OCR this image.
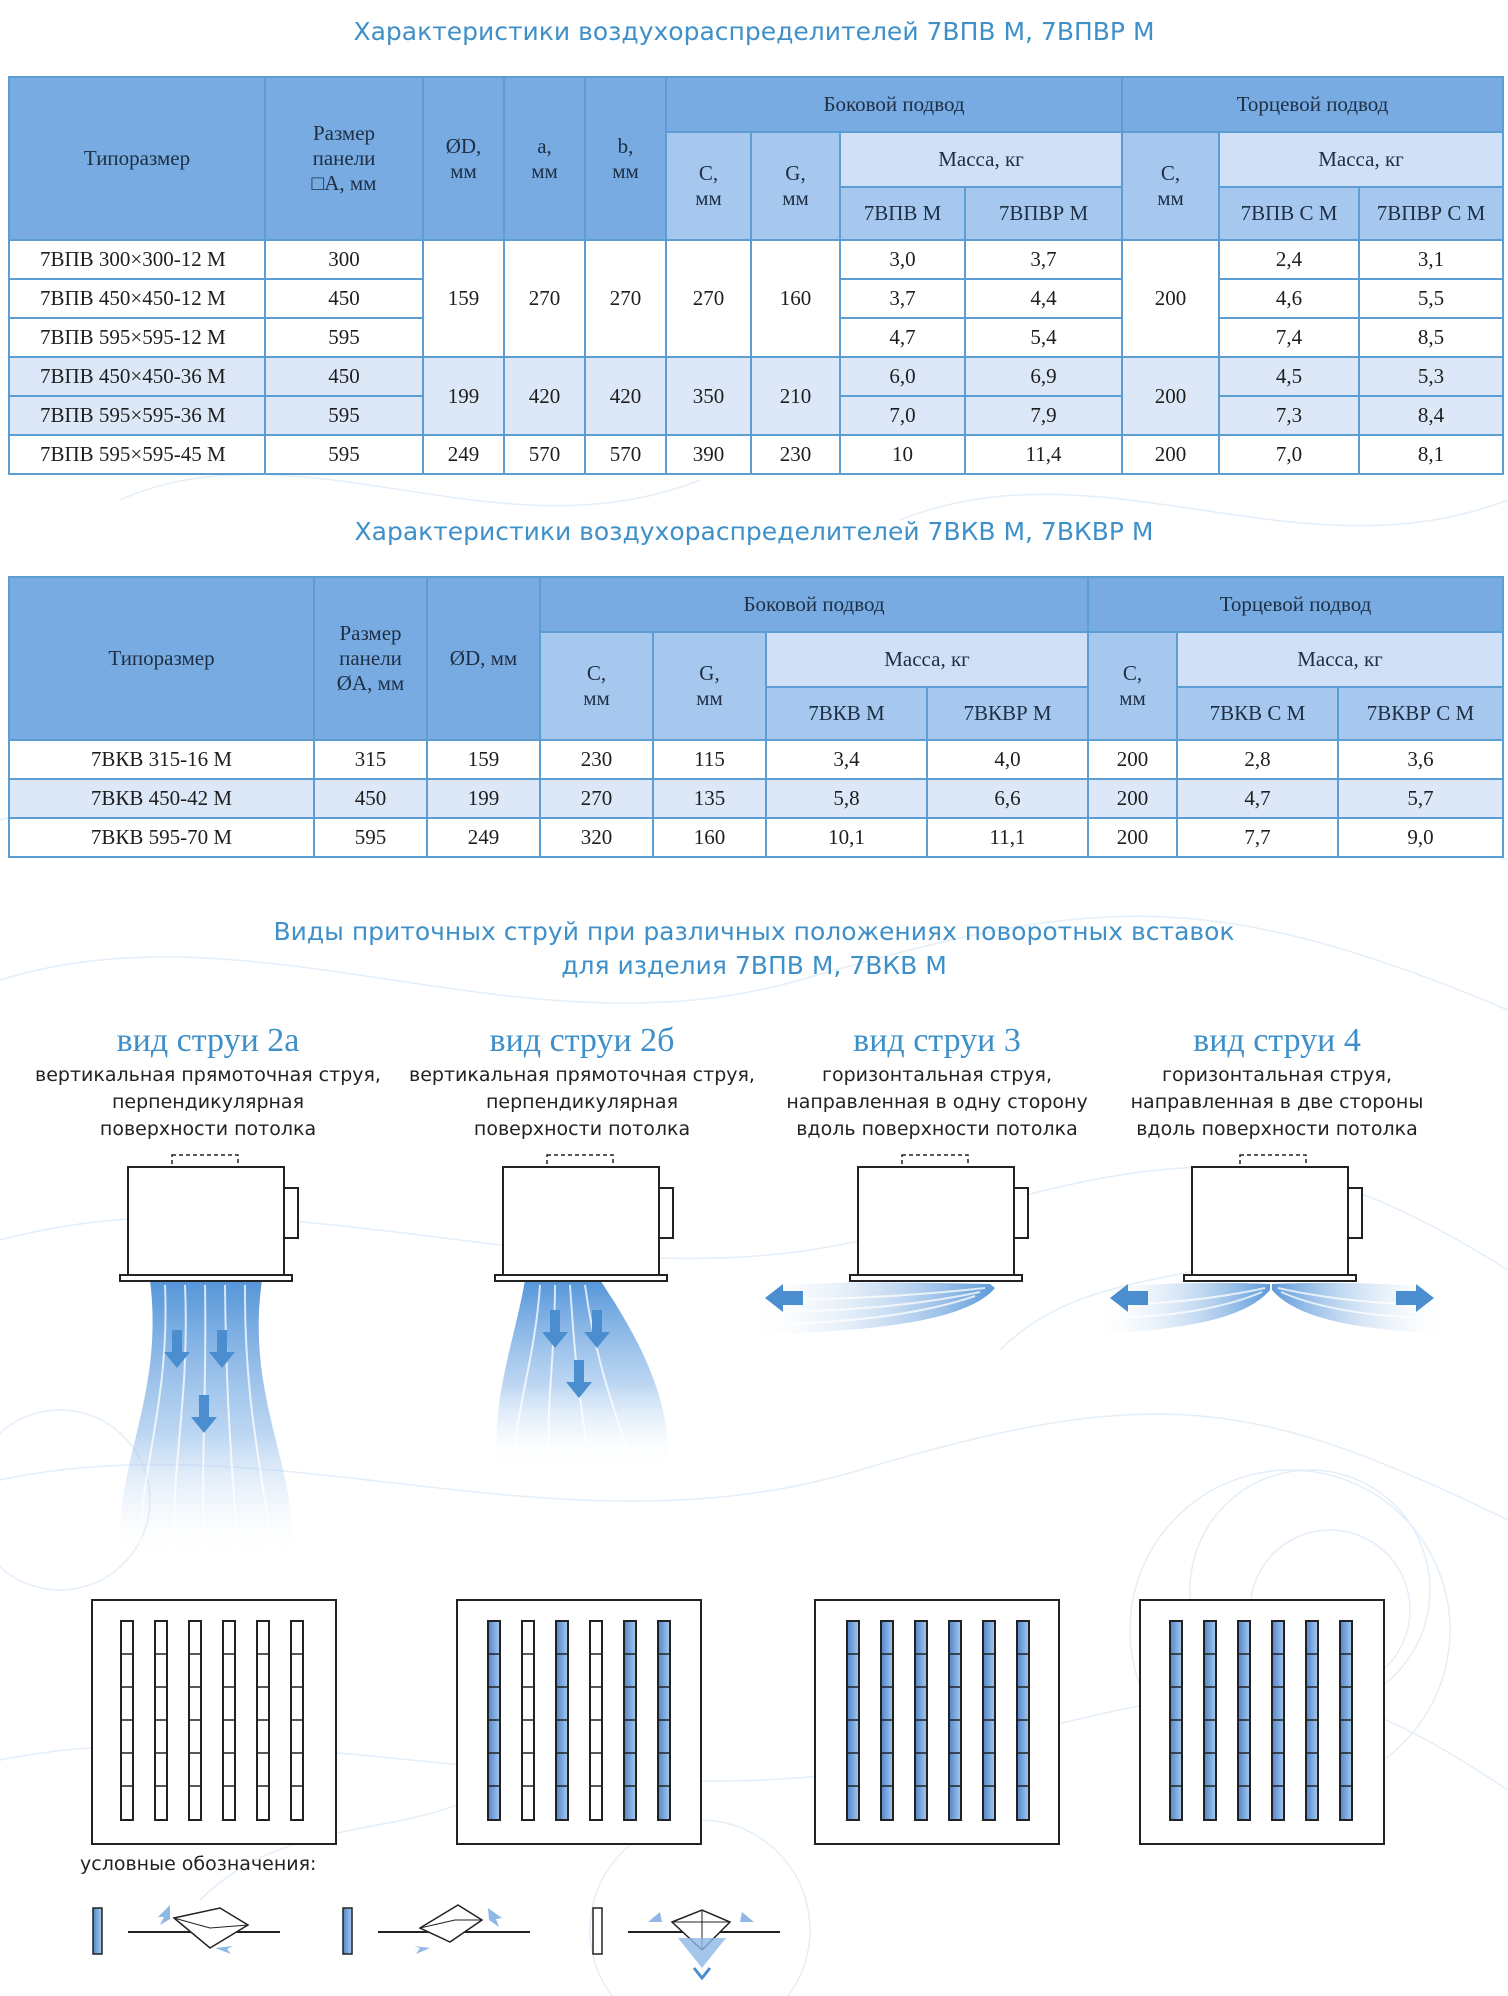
Характеристики воздухораспределителей 7ВПВ М, 7ВПВР М
Типоразмер	Размер панели □A, мм	ØD, мм	a, мм	b, мм	Боковой подвод				Торцевой подвод		
					C, мм	G, мм	Масса, кг		C, мм	Масса, кг	
							7ВПВ М	7ВПВР М		7ВПВ С М	7ВПВР С М
7ВПВ 300×300-12 М	300	159	270	270	270	160	3,0	3,7	200	2,4	3,1
7ВПВ 450×450-12 М	450						3,7	4,4		4,6	5,5
7ВПВ 595×595-12 М	595						4,7	5,4		7,4	8,5
7ВПВ 450×450-36 М	450	199	420	420	350	210	6,0	6,9	200	4,5	5,3
7ВПВ 595×595-36 М	595						7,0	7,9		7,3	8,4
7ВПВ 595×595-45 М	595	249	570	570	390	230	10	11,4	200	7,0	8,1
Характеристики воздухораспределителей 7ВКВ М, 7ВКВР М
Типоразмер	Размер панели ØA, мм	ØD, мм	Боковой подвод				Торцевой подвод		
			C, мм	G, мм	Масса, кг		C, мм	Масса, кг	
					7ВКВ М	7ВКВР М		7ВКВ С М	7ВКВР С М
7ВКВ 315-16 М	315	159	230	115	3,4	4,0	200	2,8	3,6
7ВКВ 450-42 М	450	199	270	135	5,8	6,6	200	4,7	5,7
7ВКВ 595-70 М	595	249	320	160	10,1	11,1	200	7,7	9,0
Виды приточных струй при различных положениях поворотных вставок
для изделия 7ВПВ М, 7ВКВ М
вид струи 2а
вертикальная прямоточная струя,
перпендикулярная
поверхности потолка
вид струи 2б
вертикальная прямоточная струя,
перпендикулярная
поверхности потолка
вид струи 3
горизонтальная струя,
направленная в одну сторону
вдоль поверхности потолка
вид струи 4
горизонтальная струя,
направленная в две стороны
вдоль поверхности потолка
условные обозначения:
